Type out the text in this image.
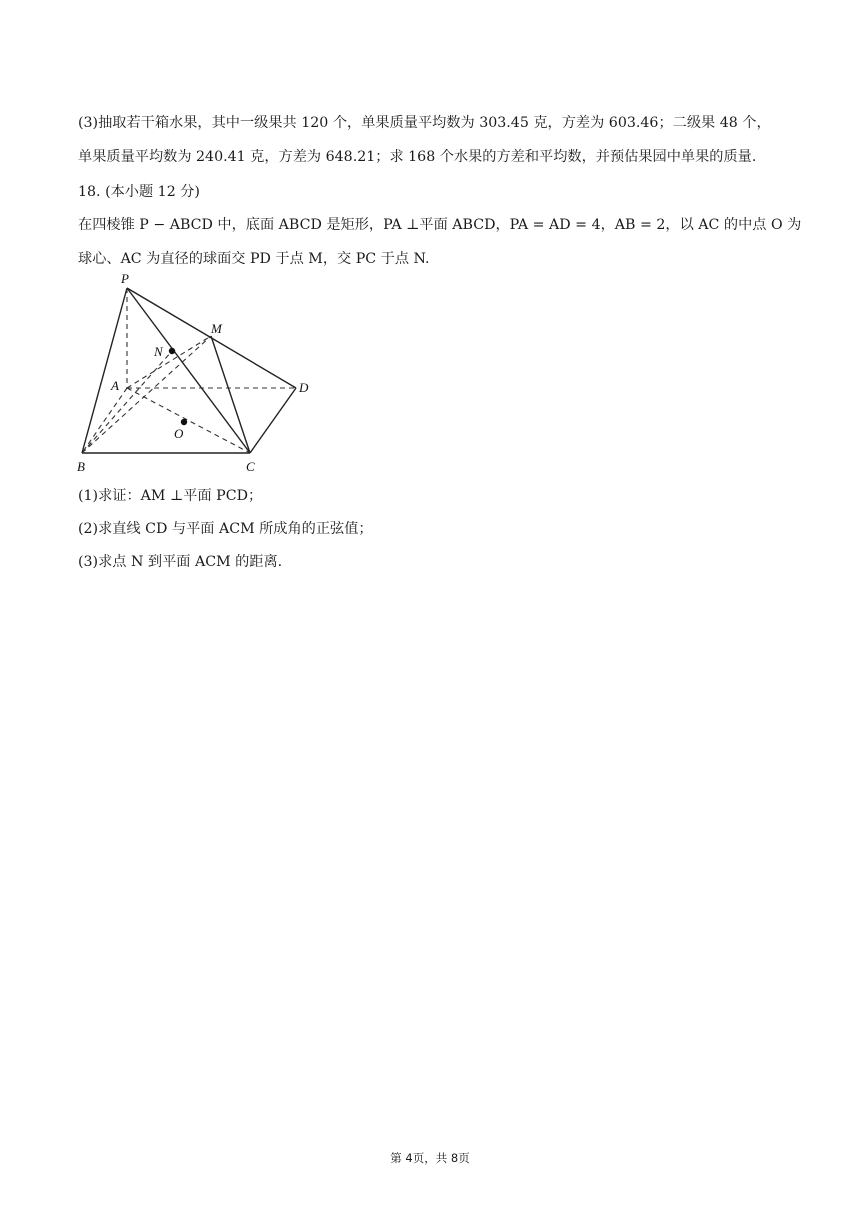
(3)抽取若干箱水果，其中一级果共 120 个，单果质量平均数为 303.45 克，方差为 603.46；二级果 48 个，
单果质量平均数为 240.41 克，方差为 648.21；求 168 个水果的方差和平均数，并预估果园中单果的质量.
18. (本小题 12 分)
在四棱锥 P − ABCD 中，底面 ABCD 是矩形，PA ⊥平面 ABCD，PA = AD = 4，AB = 2，以 AC 的中点 O 为
球心、AC 为直径的球面交 PD 于点 M，交 PC 于点 N.
P
M
N
A	D
O
B	C
(1)求证：AM ⊥平面 PCD；
(2)求直线 CD 与平面 ACM 所成角的正弦值；
(3)求点 N 到平面 ACM 的距离.
第 4页，共 8页
